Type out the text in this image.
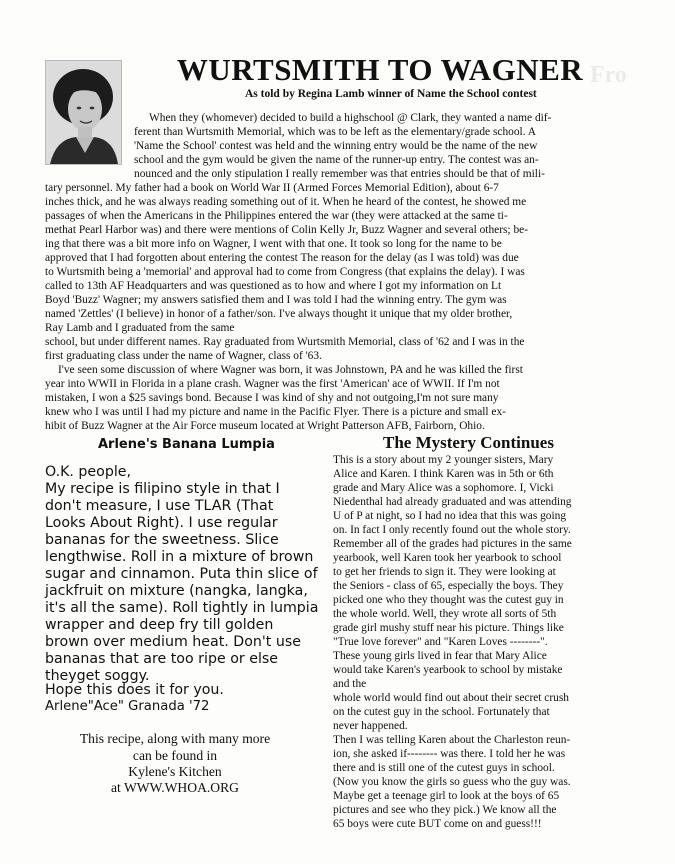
Fro
WURTSMITH TO WAGNER

As told by Regina Lamb winner of Name the School contest

When they (whomever) decided to build a highschool @ Clark, they wanted a name dif-
ferent than Wurtsmith Memorial, which was to be left as the elementary/grade school. A
'Name the School' contest was held and the winning entry would be the name of the new
school and the gym would be given the name of the runner-up entry. The contest was an-
nounced and the only stipulation I really remember was that entries should be that of mili-
tary personnel. My father had a book on World War II (Armed Forces Memorial Edition), about 6-7
inches thick, and he was always reading something out of it. When he heard of the contest, he showed me
passages of when the Americans in the Philippines entered the war (they were attacked at the same ti-
methat Pearl Harbor was) and there were mentions of Colin Kelly Jr, Buzz Wagner and several others; be-
ing that there was a bit more info on Wagner, I went with that one. It took so long for the name to be
approved that I had forgotten about entering the contest The reason for the delay (as I was told) was due
to Wurtsmith being a 'memorial' and approval had to come from Congress (that explains the delay). I was
called to 13th AF Headquarters and was questioned as to how and where I got my information on Lt
Boyd 'Buzz' Wagner; my answers satisfied them and I was told I had the winning entry. The gym was
named 'Zettles' (I believe) in honor of a father/son. I've always thought it unique that my older brother,
Ray Lamb and I graduated from the same
school, but under different names. Ray graduated from Wurtsmith Memorial, class of '62 and I was in the
first graduating class under the name of Wagner, class of '63.
I've seen some discussion of where Wagner was born, it was Johnstown, PA and he was killed the first
year into WWII in Florida in a plane crash. Wagner was the first 'American' ace of WWII. If I'm not
mistaken, I won a $25 savings bond. Because I was kind of shy and not outgoing,I'm not sure many
knew who I was until I had my picture and name in the Pacific Flyer. There is a picture and small ex-
hibit of Buzz Wagner at the Air Force museum located at Wright Patterson AFB, Fairborn, Ohio.
Arlene's Banana Lumpia
O.K. people,
My recipe is filipino style in that I
don't measure, I use TLAR (That
Looks About Right). I use regular
bananas for the sweetness. Slice
lengthwise. Roll in a mixture of brown
sugar and cinnamon. Puta thin slice of
jackfruit on mixture (nangka, langka,
it's all the same). Roll tightly in lumpia
wrapper and deep fry till golden
brown over medium heat. Don't use
bananas that are too ripe or else
theyget soggy.
Hope this does it for you.
Arlene"Ace" Granada '72
This recipe, along with many more
can be found in
Kylene's Kitchen
at WWW.WHOA.ORG
The Mystery Continues
This is a story about my 2 younger sisters, Mary
Alice and Karen. I think Karen was in 5th or 6th
grade and Mary Alice was a sophomore. I, Vicki
Niedenthal had already graduated and was attending
U of P at night, so I had no idea that this was going
on. In fact I only recently found out the whole story.
Remember all of the grades had pictures in the same
yearbook, well Karen took her yearbook to school
to get her friends to sign it. They were looking at
the Seniors - class of 65, especially the boys. They
picked one who they thought was the cutest guy in
the whole world. Well, they wrote all sorts of 5th
grade girl mushy stuff near his picture. Things like
"True love forever" and "Karen Loves --------".
These young girls lived in fear that Mary Alice
would take Karen's yearbook to school by mistake
and the
whole world would find out about their secret crush
on the cutest guy in the school. Fortunately that
never happened.
Then I was telling Karen about the Charleston reun-
ion, she asked if-------- was there. I told her he was
there and is still one of the cutest guys in school.
(Now you know the girls so guess who the guy was.
Maybe get a teenage girl to look at the boys of 65
pictures and see who they pick.) We know all the
65 boys were cute BUT come on and guess!!!
